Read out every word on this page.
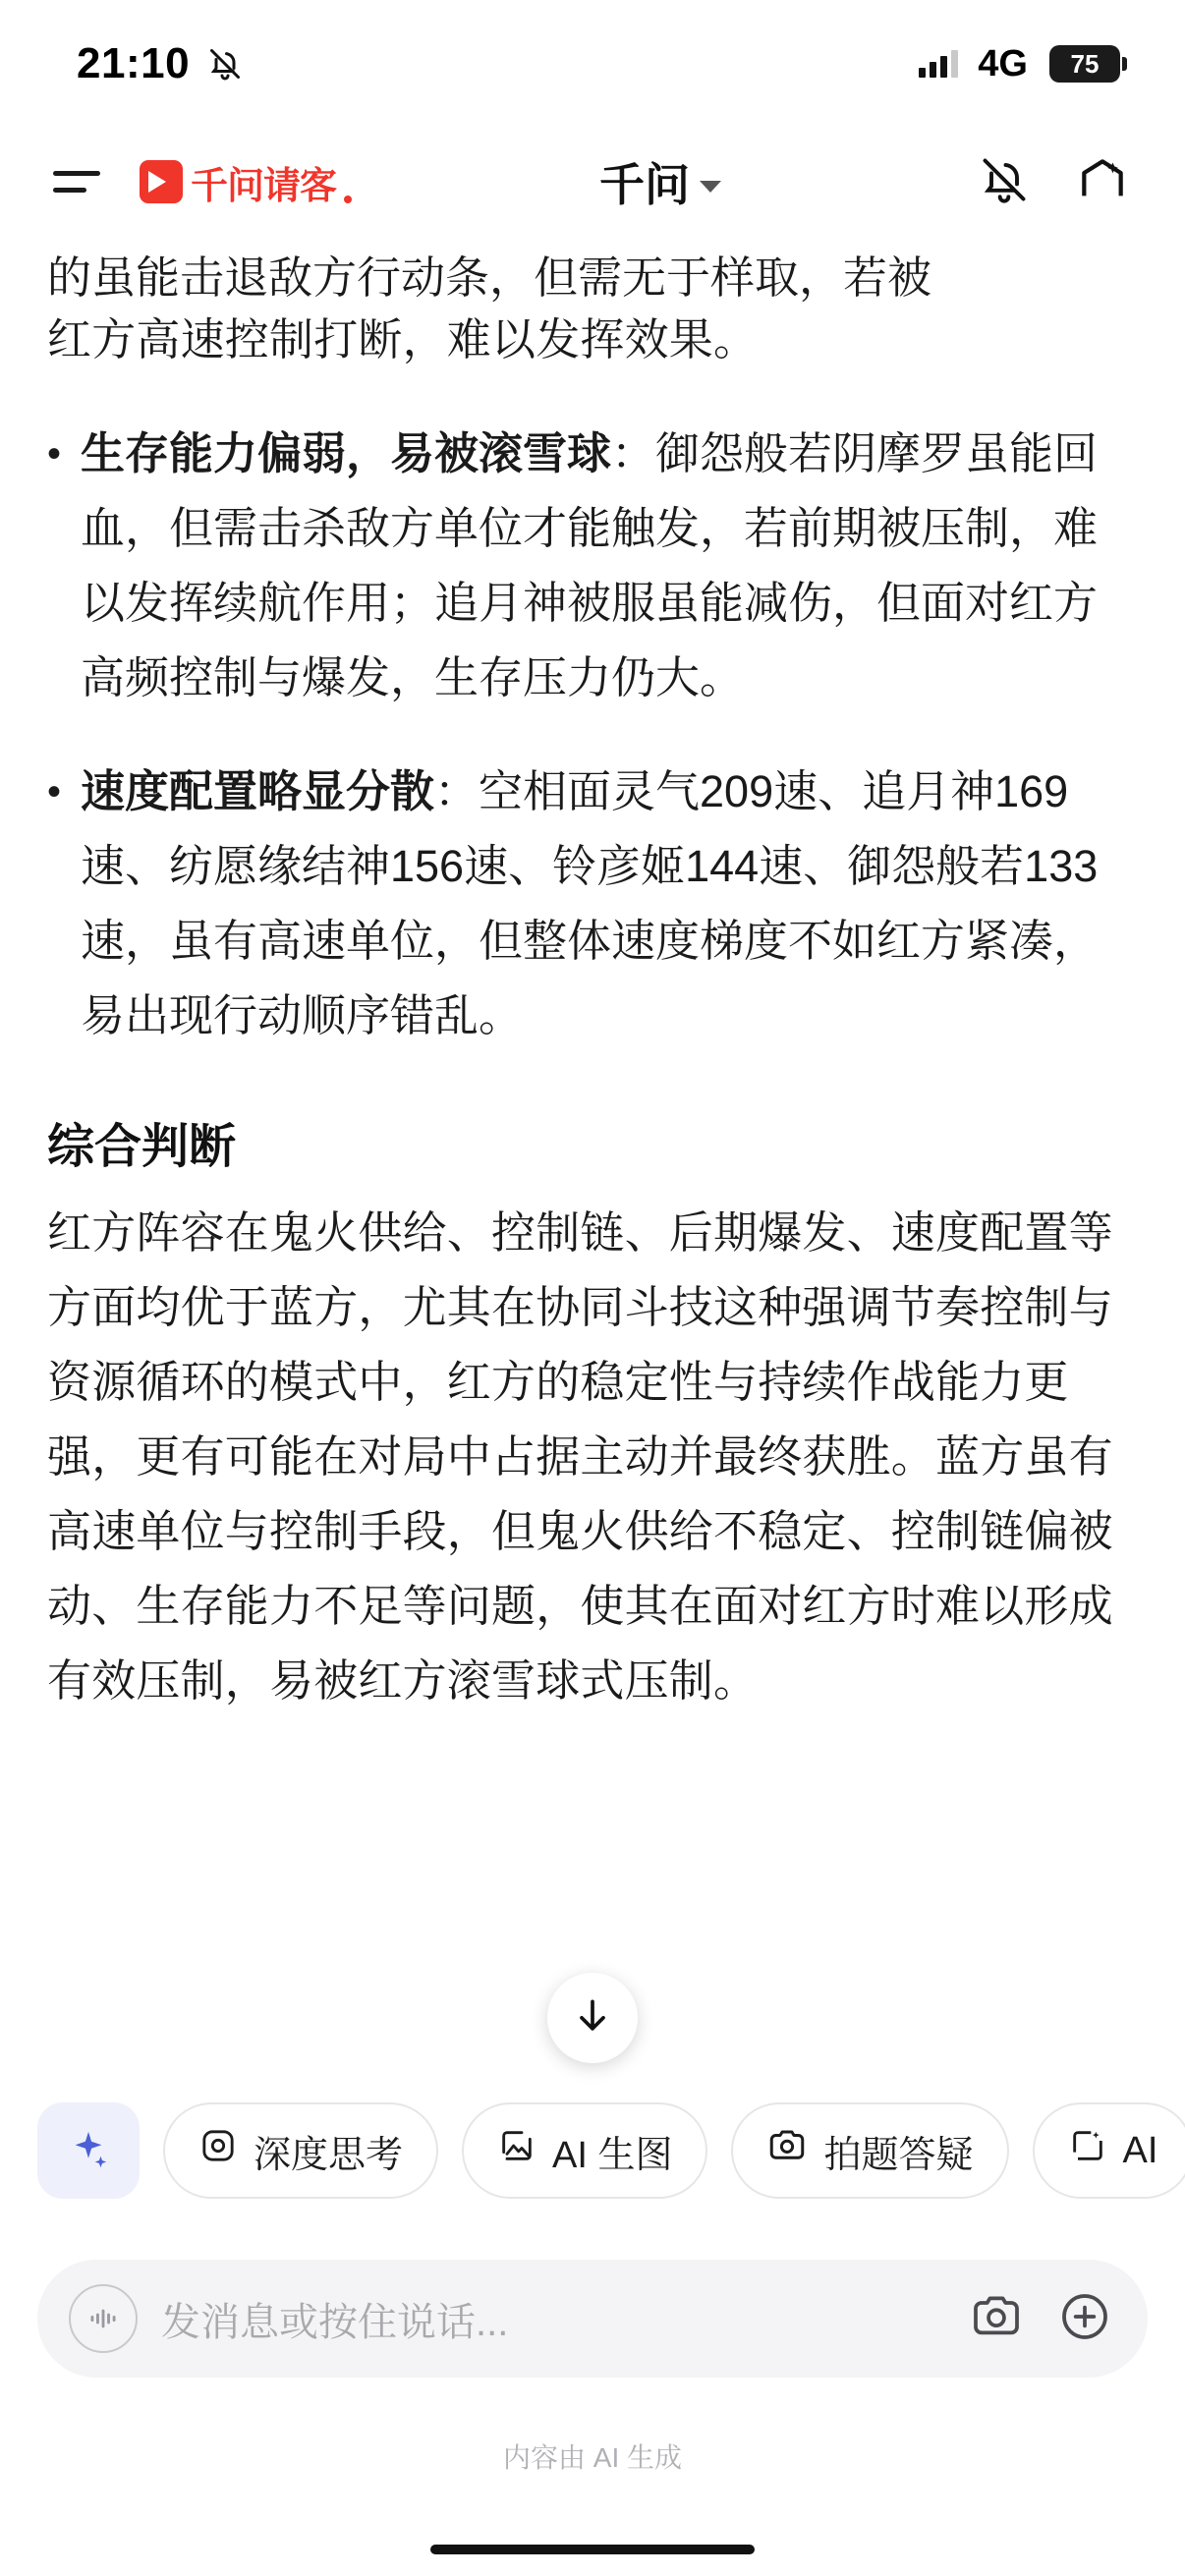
21:10	4G	75
千问请客	千问
的虽能击退敌方行动条，但需无于样取，若被
红方高速控制打断，难以发挥效果。
• 生存能力偏弱，易被滚雪球：御怨般若阴摩罗虽能回血，但需击杀敌方单位才能触发，若前期被压制，难以发挥续航作用；追月神被服虽能减伤，但面对红方高频控制与爆发，生存压力仍大。
• 速度配置略显分散：空相面灵气209速、追月神169速、纺愿缘结神156速、铃彦姬144速、御怨般若133速，虽有高速单位，但整体速度梯度不如红方紧凑，易出现行动顺序错乱。
综合判断
红方阵容在鬼火供给、控制链、后期爆发、速度配置等方面均优于蓝方，尤其在协同斗技这种强调节奏控制与资源循环的模式中，红方的稳定性与持续作战能力更强，更有可能在对局中占据主动并最终获胜。蓝方虽有高速单位与控制手段，但鬼火供给不稳定、控制链偏被动、生存能力不足等问题，使其在面对红方时难以形成有效压制，易被红方滚雪球式压制。
深度思考	AI 生图	拍题答疑	AI
发消息或按住说话...
内容由 AI 生成
